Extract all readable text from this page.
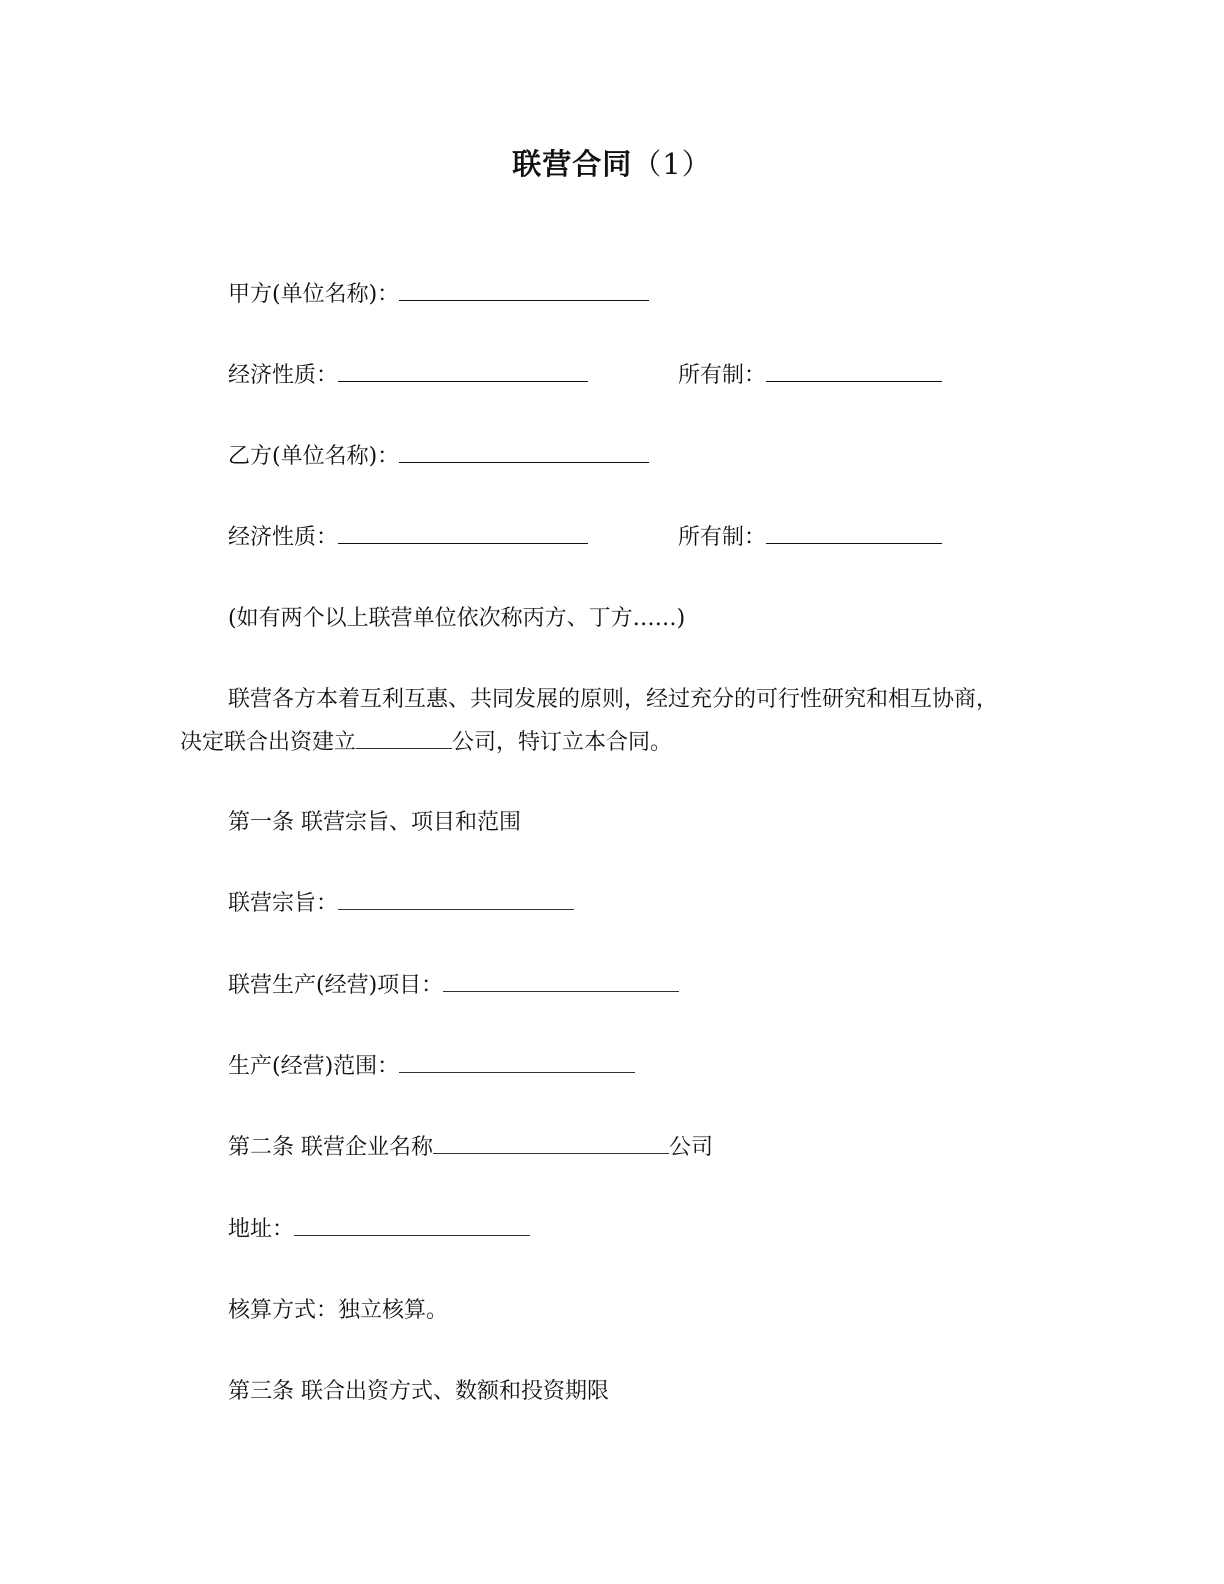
联营合同（1）
甲方(单位名称)：
经济性质：	所有制：
乙方(单位名称)：
经济性质：	所有制：
(如有两个以上联营单位依次称丙方、丁方……)
联营各方本着互利互惠、共同发展的原则，经过充分的可行性研究和相互协商，
决定联合出资建立	公司，特订立本合同。
第一条 联营宗旨、项目和范围
联营宗旨：
联营生产(经营)项目：
生产(经营)范围：
第二条 联营企业名称	公司
地址：
核算方式：独立核算。
第三条 联合出资方式、数额和投资期限
